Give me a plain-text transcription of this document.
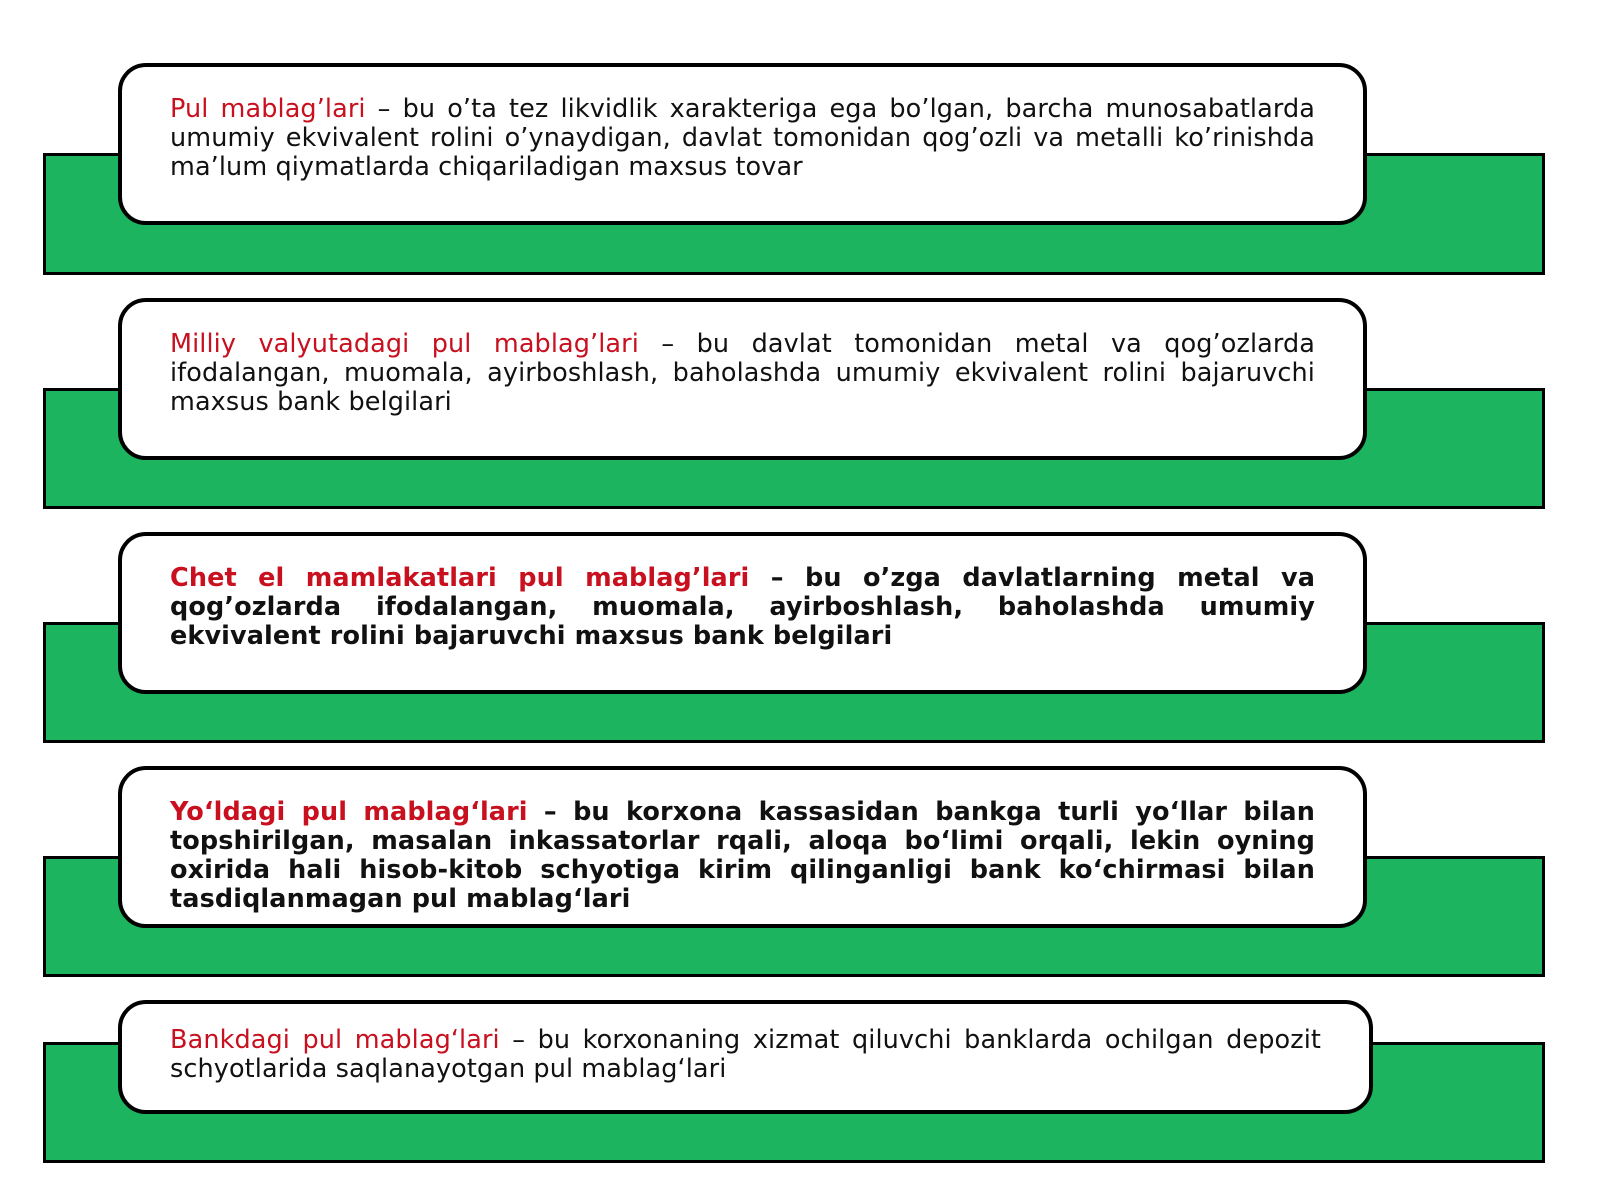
Pul mablag’lari – bu o’ta tez likvidlik xarakteriga ega bo’lgan, barcha munosabatlarda umumiy ekvivalent rolini o’ynaydigan, davlat tomonidan qog’ozli va metalli ko’rinishda ma’lum qiymatlarda chiqariladigan maxsus tovar

Milliy valyutadagi pul mablag’lari – bu davlat tomonidan metal va qog’ozlarda ifodalangan, muomala, ayirboshlash, baholashda umumiy ekvivalent rolini bajaruvchi maxsus bank belgilari

Chet el mamlakatlari pul mablag’lari – bu o’zga davlatlarning metal va qog’ozlarda ifodalangan, muomala, ayirboshlash, baholashda umumiy ekvivalent rolini bajaruvchi maxsus bank belgilari

Yo‘ldagi pul mablag‘lari – bu korxona kassasidan bankga turli yo‘llar bilan topshirilgan, masalan inkassatorlar rqali, aloqa bo‘limi orqali, lekin oyning oxirida hali hisob-kitob schyotiga kirim qilinganligi bank ko‘chirmasi bilan tasdiqlanmagan pul mablag‘lari

Bankdagi pul mablag‘lari – bu korxonaning xizmat qiluvchi banklarda ochilgan depozit schyotlarida saqlanayotgan pul mablag‘lari
